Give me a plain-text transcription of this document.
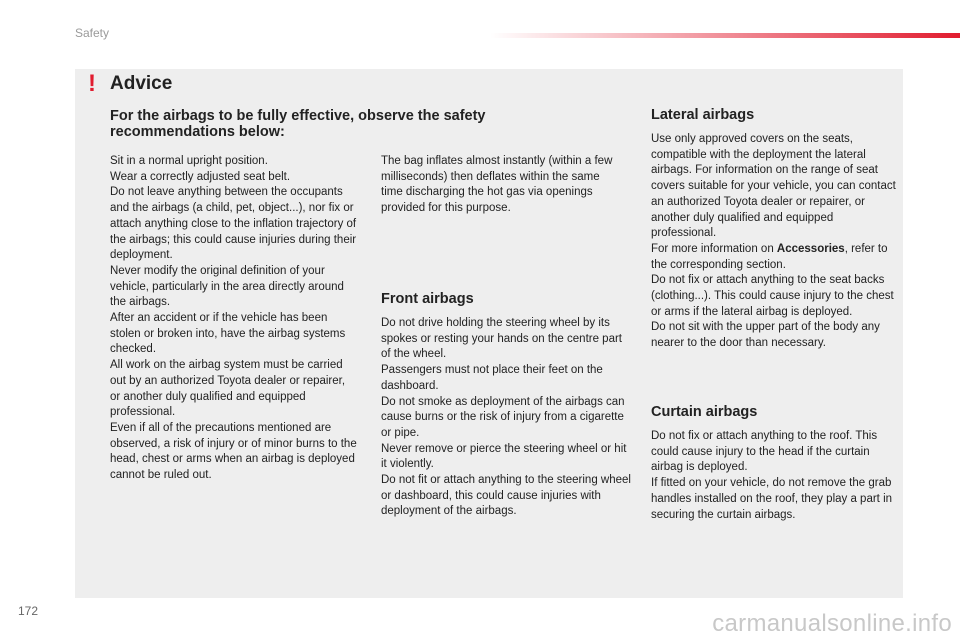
Safety
! Advice
For the airbags to be fully effective, observe the safety recommendations below:

Sit in a normal upright position.

Wear a correctly adjusted seat belt.

Do not leave anything between the occupants and the airbags (a child, pet, object...), nor fix or attach anything close to the inflation trajectory of the airbags; this could cause injuries during their deployment.

Never modify the original definition of your vehicle, particularly in the area directly around the airbags.

After an accident or if the vehicle has been stolen or broken into, have the airbag systems checked.

All work on the airbag system must be carried out by an authorized Toyota dealer or repairer, or another duly qualified and equipped professional.

Even if all of the precautions mentioned are observed, a risk of injury or of minor burns to the head, chest or arms when an airbag is deployed cannot be ruled out.

The bag inflates almost instantly (within a few milliseconds) then deflates within the same time discharging the hot gas via openings provided for this purpose.

Front airbags

Do not drive holding the steering wheel by its spokes or resting your hands on the centre part of the wheel.

Passengers must not place their feet on the dashboard.

Do not smoke as deployment of the airbags can cause burns or the risk of injury from a cigarette or pipe.

Never remove or pierce the steering wheel or hit it violently.

Do not fit or attach anything to the steering wheel or dashboard, this could cause injuries with deployment of the airbags.

Lateral airbags

Use only approved covers on the seats, compatible with the deployment the lateral airbags. For information on the range of seat covers suitable for your vehicle, you can contact an authorized Toyota dealer or repairer, or another duly qualified and equipped professional.

For more information on Accessories, refer to the corresponding section.

Do not fix or attach anything to the seat backs (clothing...). This could cause injury to the chest or arms if the lateral airbag is deployed.

Do not sit with the upper part of the body any nearer to the door than necessary.

Curtain airbags

Do not fix or attach anything to the roof. This could cause injury to the head if the curtain airbag is deployed.

If fitted on your vehicle, do not remove the grab handles installed on the roof, they play a part in securing the curtain airbags.

172	carmanualsonline.info
